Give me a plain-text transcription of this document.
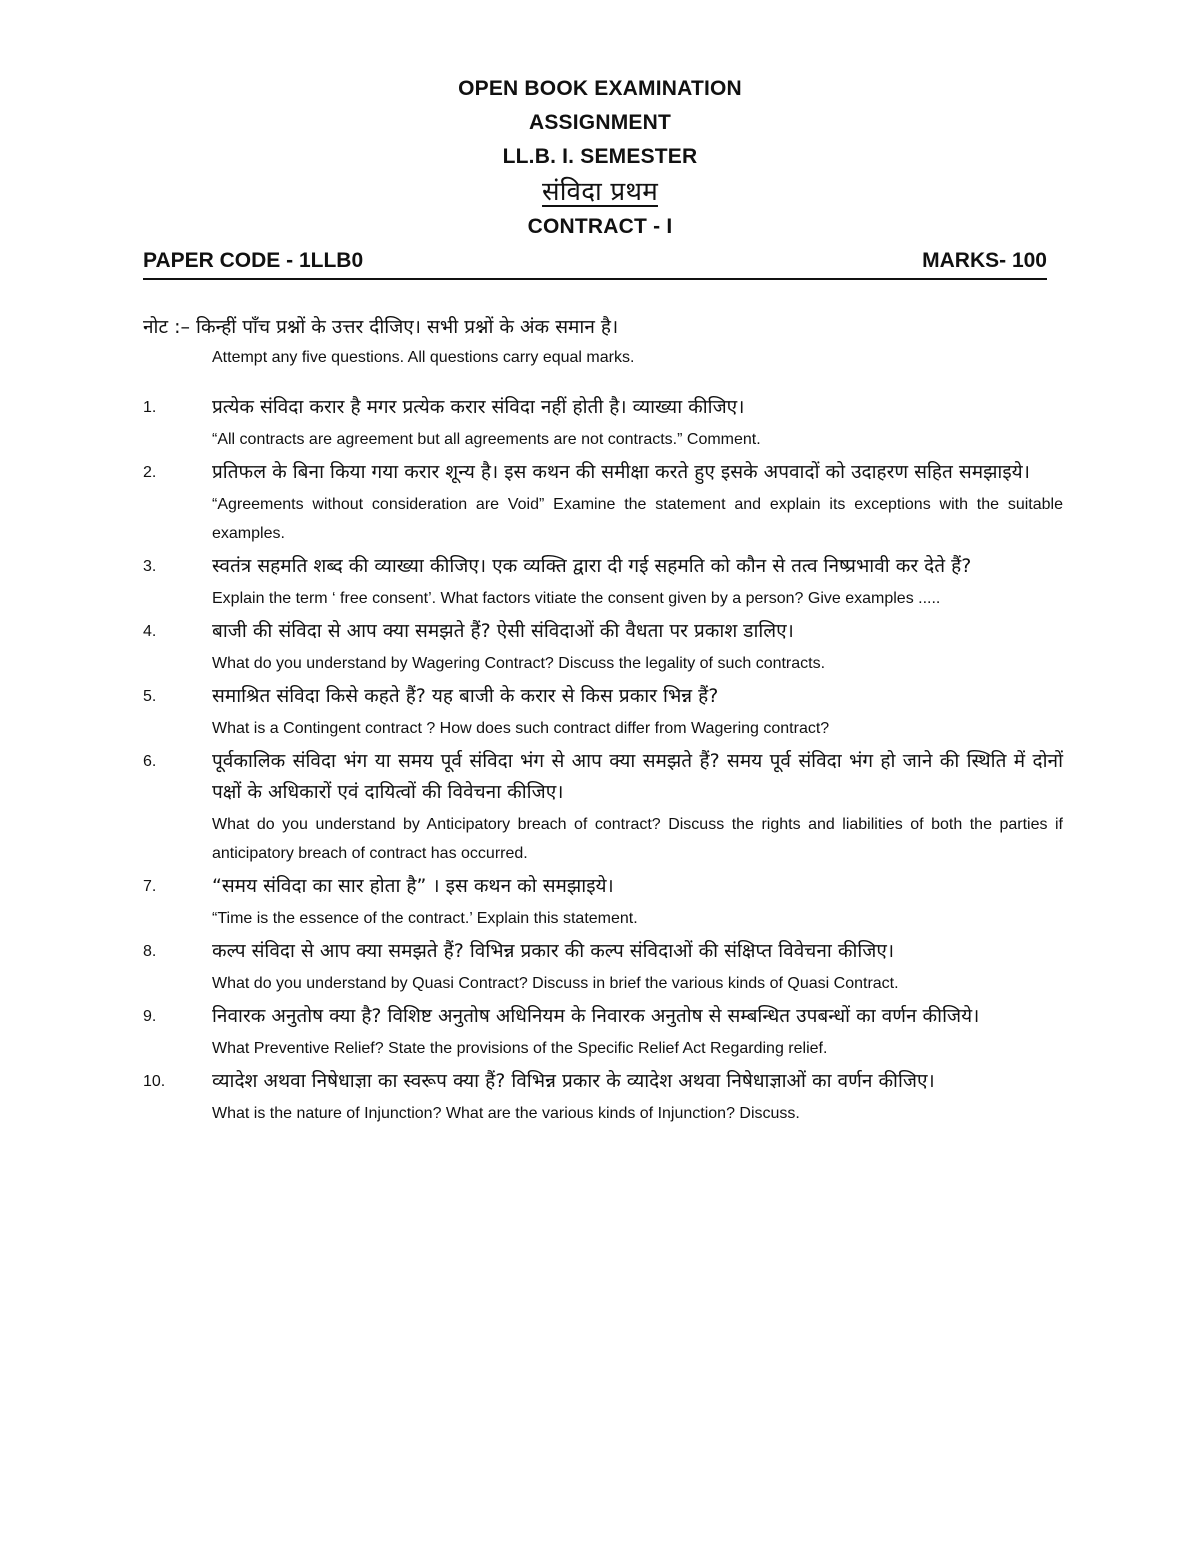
OPEN BOOK EXAMINATION
ASSIGNMENT
LL.B. I. SEMESTER
संविदा प्रथम
CONTRACT - I
PAPER CODE - 1LLB0	MARKS- 100
नोट :– किन्हीं पाँच प्रश्नों के उत्तर दीजिए। सभी प्रश्नों के अंक समान है।
Attempt any five questions. All questions carry equal marks.
1.	प्रत्येक संविदा करार है मगर प्रत्येक करार संविदा नहीं होती है। व्याख्या कीजिए।
“All contracts are agreement but all agreements are not contracts.” Comment.
2.	प्रतिफल के बिना किया गया करार शून्य है। इस कथन की समीक्षा करते हुए इसके अपवादों को उदाहरण सहित समझाइये।
“Agreements without consideration are Void” Examine the statement and explain its exceptions with the suitable examples.
3.	स्वतंत्र सहमति शब्द की व्याख्या कीजिए। एक व्यक्ति द्वारा दी गई सहमति को कौन से तत्व निष्प्रभावी कर देते हैं?
Explain the term ‘ free consent’. What factors vitiate the consent given by a person? Give examples .....
4.	बाजी की संविदा से आप क्या समझते हैं? ऐसी संविदाओं की वैधता पर प्रकाश डालिए।
What do you understand by Wagering Contract? Discuss the legality of such contracts.
5.	समाश्रित संविदा किसे कहते हैं? यह बाजी के करार से किस प्रकार भिन्न हैं?
What is a Contingent contract ? How does such contract differ from Wagering contract?
6.	पूर्वकालिक संविदा भंग या समय पूर्व संविदा भंग से आप क्या समझते हैं? समय पूर्व संविदा भंग हो जाने की स्थिति में दोनों पक्षों के अधिकारों एवं दायित्वों की विवेचना कीजिए।
What do you understand by Anticipatory breach of contract? Discuss the rights and liabilities of both the parties if anticipatory breach of contract has occurred.
7.	“समय संविदा का सार होता है” । इस कथन को समझाइये।
“Time is the essence of the contract.’ Explain this statement.
8.	कल्प संविदा से आप क्या समझते हैं? विभिन्न प्रकार की कल्प संविदाओं की संक्षिप्त विवेचना कीजिए।
What do you understand by Quasi Contract? Discuss in brief the various kinds of Quasi Contract.
9.	निवारक अनुतोष क्या है? विशिष्ट अनुतोष अधिनियम के निवारक अनुतोष से सम्बन्धित उपबन्धों का वर्णन कीजिये।
What Preventive Relief? State the provisions of the Specific Relief Act Regarding relief.
10. व्यादेश अथवा निषेधाज्ञा का स्वरूप क्या हैं? विभिन्न प्रकार के व्यादेश अथवा निषेधाज्ञाओं का वर्णन कीजिए।
What is the nature of Injunction? What are the various kinds of Injunction? Discuss.
